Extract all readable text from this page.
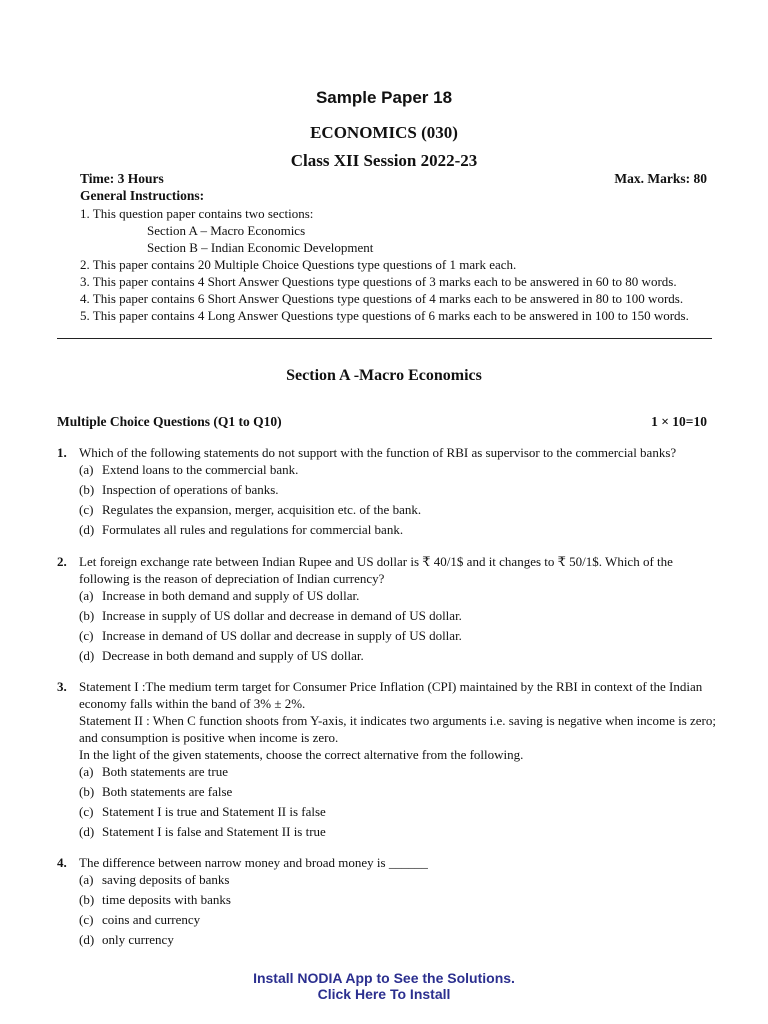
Sample Paper 18
ECONOMICS (030)
Class XII Session 2022-23
Time: 3 Hours	Max. Marks: 80
General Instructions:
1. This question paper contains two sections:
Section A – Macro Economics
Section B – Indian Economic Development
2. This paper contains 20 Multiple Choice Questions type questions of 1 mark each.
3. This paper contains 4 Short Answer Questions type questions of 3 marks each to be answered in 60 to 80 words.
4. This paper contains 6 Short Answer Questions type questions of 4 marks each to be answered in 80 to 100 words.
5. This paper contains 4 Long Answer Questions type questions of 6 marks each to be answered in 100 to 150 words.
Section A -Macro Economics
Multiple Choice Questions (Q1 to Q10)	1 × 10=10
1. Which of the following statements do not support with the function of RBI as supervisor to the commercial banks?
(a) Extend loans to the commercial bank.
(b) Inspection of operations of banks.
(c) Regulates the expansion, merger, acquisition etc. of the bank.
(d) Formulates all rules and regulations for commercial bank.
2. Let foreign exchange rate between Indian Rupee and US dollar is ₹ 40/1$ and it changes to ₹ 50/1$. Which of the following is the reason of depreciation of Indian currency?
(a) Increase in both demand and supply of US dollar.
(b) Increase in supply of US dollar and decrease in demand of US dollar.
(c) Increase in demand of US dollar and decrease in supply of US dollar.
(d) Decrease in both demand and supply of US dollar.
3. Statement I :The medium term target for Consumer Price Inflation (CPI) maintained by the RBI in context of the Indian economy falls within the band of 3% ± 2%.
Statement II : When C function shoots from Y-axis, it indicates two arguments i.e. saving is negative when income is zero; and consumption is positive when income is zero.
In the light of the given statements, choose the correct alternative from the following.
(a) Both statements are true
(b) Both statements are false
(c) Statement I is true and Statement II is false
(d) Statement I is false and Statement II is true
4. The difference between narrow money and broad money is ______
(a) saving deposits of banks
(b) time deposits with banks
(c) coins and currency
(d) only currency
Install NODIA App to See the Solutions.
Click Here To Install
